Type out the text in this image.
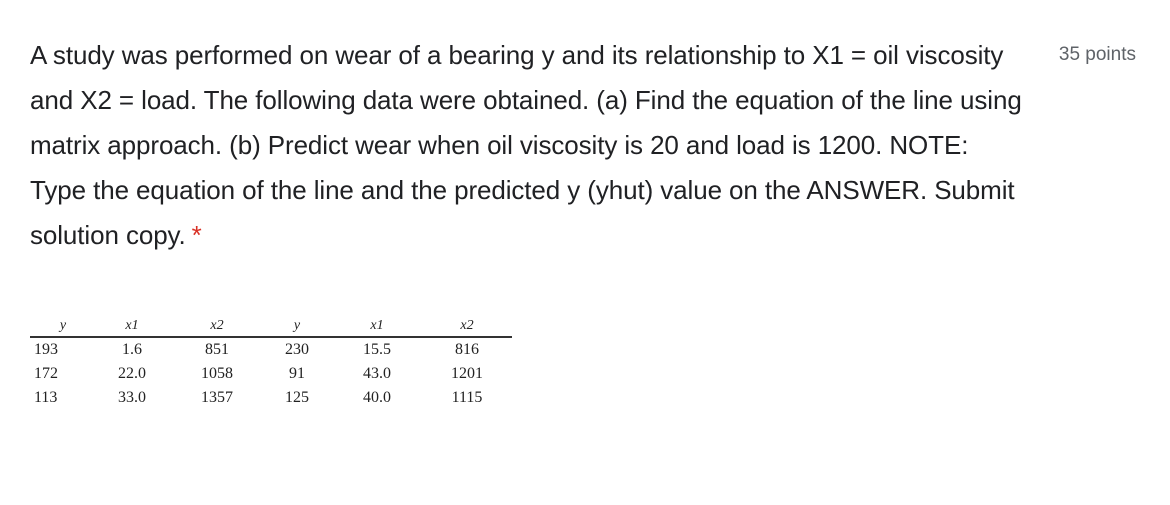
A study was performed on wear of a bearing y and its relationship to X1 = oil viscosity and X2 = load. The following data were obtained. (a) Find the equation of the line using matrix approach. (b) Predict wear when oil viscosity is 20 and load is 1200. NOTE: Type the equation of the line and the predicted y (yhut) value on the ANSWER. Submit solution copy. *

35 points
y	x1	x2	y	x1	x2
193	1.6	851	230	15.5	816
172	22.0	1058	91	43.0	1201
113	33.0	1357	125	40.0	1115
